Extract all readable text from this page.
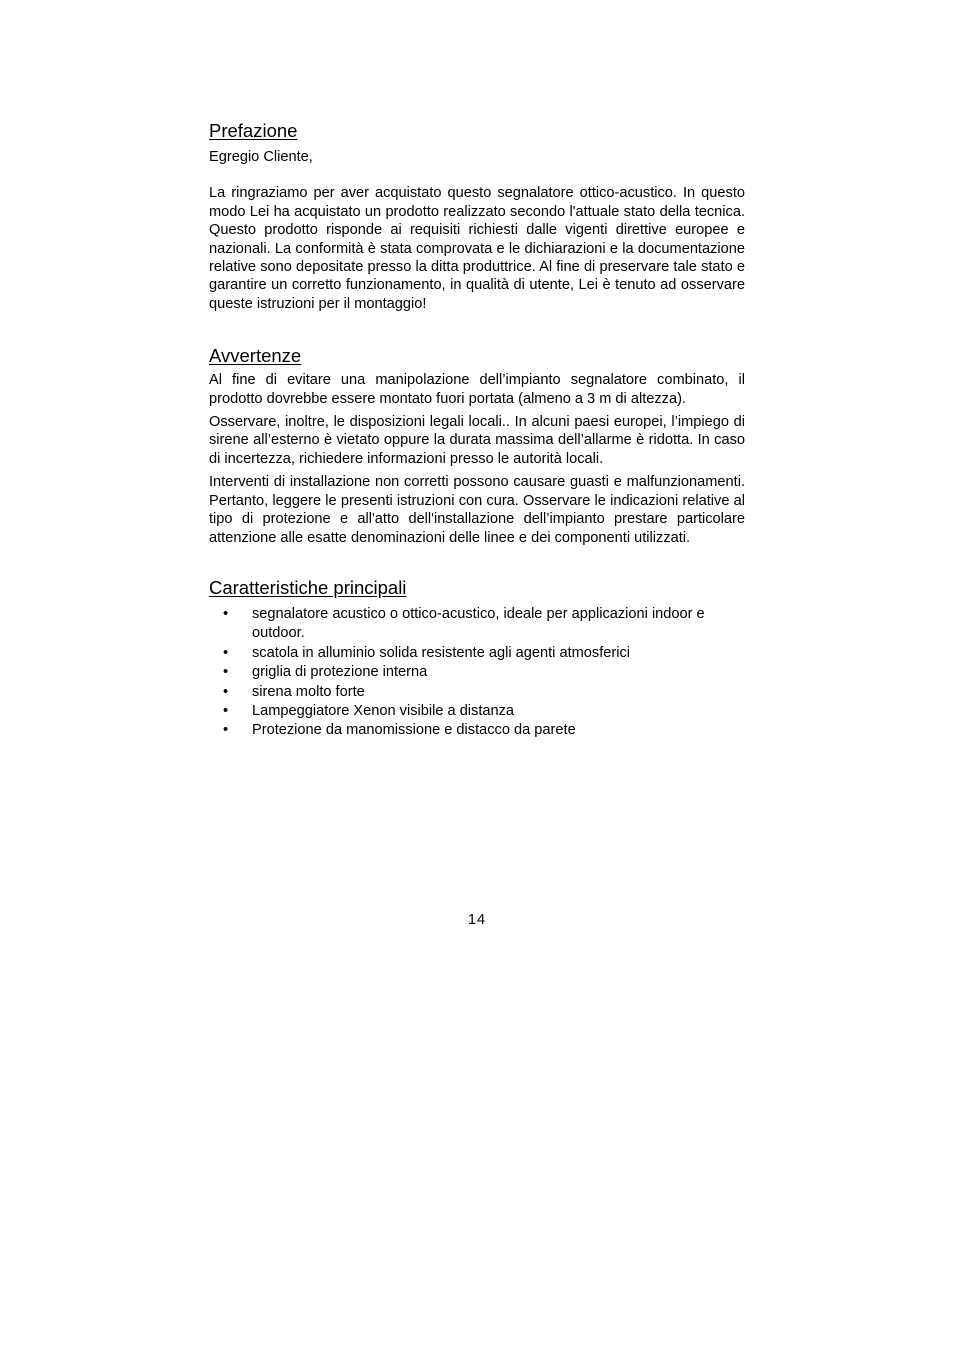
Prefazione

Egregio Cliente,

La ringraziamo per aver acquistato questo segnalatore ottico-acustico. In questo modo Lei ha acquistato un prodotto realizzato secondo l'attuale stato della tecnica. Questo prodotto risponde ai requisiti richiesti dalle vigenti direttive europee e nazionali. La conformità è stata comprovata e le dichiarazioni e la documentazione relative sono depositate presso la ditta produttrice. Al fine di preservare tale stato e garantire un corretto funzionamento, in qualità di utente, Lei è tenuto ad osservare queste istruzioni per il montaggio!

Avvertenze

Al fine di evitare una manipolazione dell’impianto segnalatore combinato, il prodotto dovrebbe essere montato fuori portata (almeno a 3 m di altezza).

Osservare, inoltre, le disposizioni legali locali.. In alcuni paesi europei, l’impiego di sirene all’esterno è vietato oppure la durata massima dell’allarme è ridotta. In caso di incertezza, richiedere informazioni presso le autorità locali.

Interventi di installazione non corretti possono causare guasti e malfunzionamenti. Pertanto, leggere le presenti istruzioni con cura. Osservare le indicazioni relative al tipo di protezione e all'atto dell'installazione dell’impianto prestare particolare attenzione alle esatte denominazioni delle linee e dei componenti utilizzati.

Caratteristiche principali
• segnalatore acustico o ottico-acustico, ideale per applicazioni indoor e outdoor.
• scatola in alluminio solida resistente agli agenti atmosferici
• griglia di protezione interna
• sirena molto forte
• Lampeggiatore Xenon visibile a distanza
• Protezione da manomissione e distacco da parete
14
